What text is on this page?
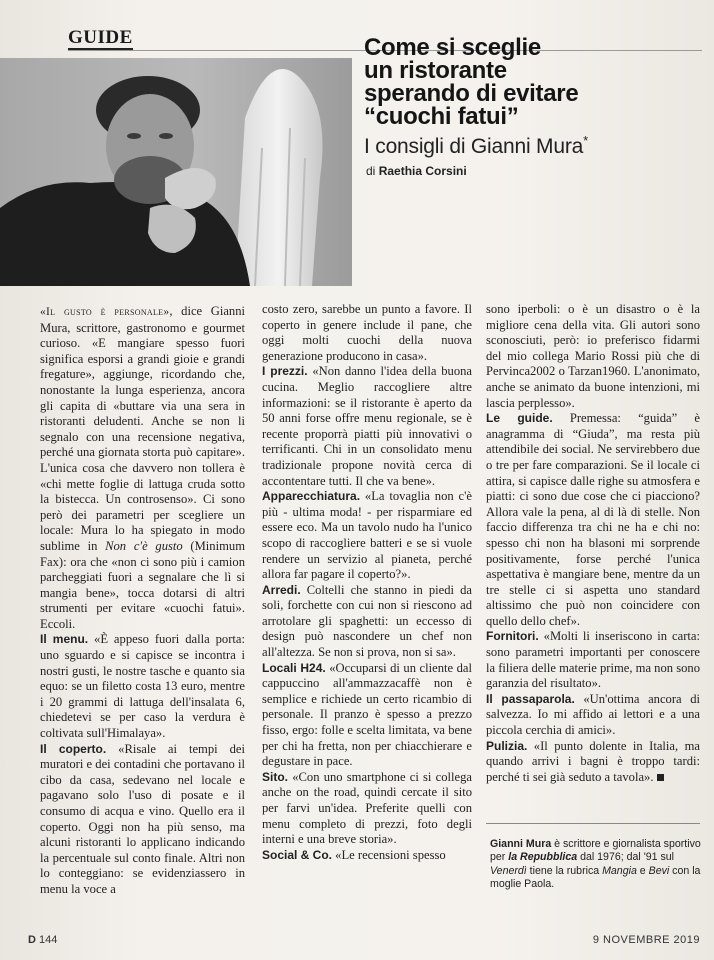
GUIDE	Come si sceglie
un ristorante
sperando di evitare
“cuochi fatui”
I consigli di Gianni Mura*
di Raethia Corsini

«Il gusto è personale», dice Gianni Mura, scrittore, gastronomo e gourmet curioso. «E mangiare spesso fuori significa esporsi a grandi gioie e grandi fregature», aggiunge, ricordando che, nonostante la lunga esperienza, ancora gli capita di «buttare via una sera in ristoranti deludenti. Anche se non li segnalo con una recensione negativa, perché una giornata storta può capitare». L'unica cosa che davvero non tollera è «chi mette foglie di lattuga cruda sotto la bistecca. Un controsenso». Ci sono però dei parametri per scegliere un locale: Mura lo ha spiegato in modo sublime in Non c'è gusto (Minimum Fax): ora che «non ci sono più i camion parcheggiati fuori a segnalare che lì si mangia bene», tocca dotarsi di altri strumenti per evitare «cuochi fatui». Eccoli.

Il menu. «È appeso fuori dalla porta: uno sguardo e si capisce se incontra i nostri gusti, le nostre tasche e quanto sia equo: se un filetto costa 13 euro, mentre i 20 grammi di lattuga dell'insalata 6, chiedetevi se per caso la verdura è coltivata sull'Himalaya».

Il coperto. «Risale ai tempi dei muratori e dei contadini che portavano il cibo da casa, sedevano nel locale e pagavano solo l'uso di posate e il consumo di acqua e vino. Quello era il coperto. Oggi non ha più senso, ma alcuni ristoranti lo applicano indicando la percentuale sul conto finale. Altri non lo conteggiano: se evidenziassero in menu la voce a

costo zero, sarebbe un punto a favore. Il coperto in genere include il pane, che oggi molti cuochi della nuova generazione producono in casa».

I prezzi. «Non danno l'idea della buona cucina. Meglio raccogliere altre informazioni: se il ristorante è aperto da 50 anni forse offre menu regionale, se è recente proporrà piatti più innovativi o terrificanti. Chi in un consolidato menu tradizionale propone novità cerca di accontentare tutti. Il che va bene».

Apparecchiatura. «La tovaglia non c'è più - ultima moda! - per risparmiare ed essere eco. Ma un tavolo nudo ha l'unico scopo di raccogliere batteri e se si vuole rendere un servizio al pianeta, perché allora far pagare il coperto?».

Arredi. Coltelli che stanno in piedi da soli, forchette con cui non si riescono ad arrotolare gli spaghetti: un eccesso di design può nascondere un chef non all'altezza. Se non si prova, non si sa».

Locali H24. «Occuparsi di un cliente dal cappuccino all'ammazzacaffè non è semplice e richiede un certo ricambio di personale. Il pranzo è spesso a prezzo fisso, ergo: folle e scelta limitata, va bene per chi ha fretta, non per chiacchierare e degustare in pace.

Sito. «Con uno smartphone ci si collega anche on the road, quindi cercate il sito per farvi un'idea. Preferite quelli con menu completo di prezzi, foto degli interni e una breve storia».

Social & Co. «Le recensioni spesso

sono iperboli: o è un disastro o è la migliore cena della vita. Gli autori sono sconosciuti, però: io preferisco fidarmi del mio collega Mario Rossi più che di Pervinca2002 o Tarzan1960. L'anonimato, anche se animato da buone intenzioni, mi lascia perplesso».

Le guide. Premessa: “guida” è anagramma di “Giuda”, ma resta più attendibile dei social. Ne servirebbero due o tre per fare comparazioni. Se il locale ci attira, si capisce dalle righe su atmosfera e piatti: ci sono due cose che ci piacciono? Allora vale la pena, al di là di stelle. Non faccio differenza tra chi ne ha e chi no: spesso chi non ha blasoni mi sorprende positivamente, forse perché l'unica aspettativa è mangiare bene, mentre da un tre stelle ci si aspetta uno standard altissimo che può non coincidere con quello dello chef».

Fornitori. «Molti li inseriscono in carta: sono parametri importanti per conoscere la filiera delle materie prime, ma non sono garanzia del risultato».

Il passaparola. «Un'ottima ancora di salvezza. Io mi affido ai lettori e a una piccola cerchia di amici».

Pulizia. «Il punto dolente in Italia, ma quando arrivi i bagni è troppo tardi: perché ti sei già seduto a tavola».

Gianni Mura è scrittore e giornalista sportivo per la Repubblica dal 1976; dal '91 sul Venerdì tiene la rubrica Mangia e Bevi con la moglie Paola.
D 144	9 NOVEMBRE 2019
